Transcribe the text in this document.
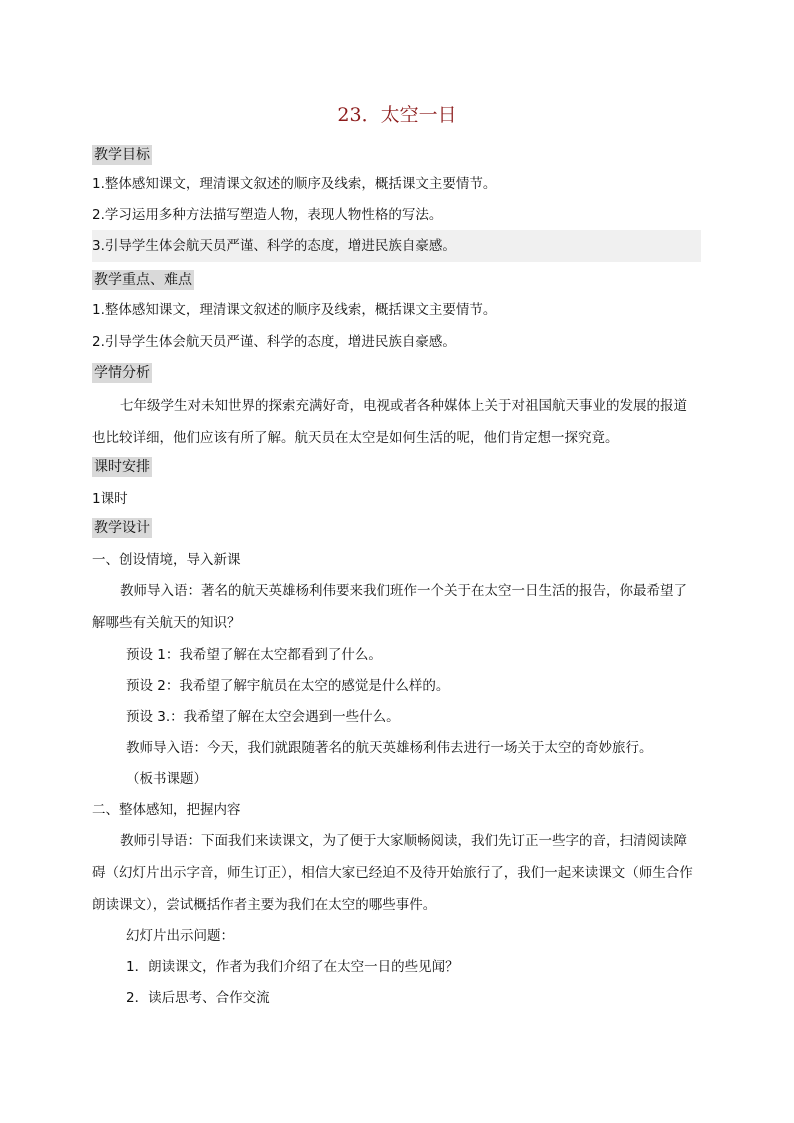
23．太空一日
教学目标
1.整体感知课文，理清课文叙述的顺序及线索，概括课文主要情节。
2.学习运用多种方法描写塑造人物，表现人物性格的写法。
3.引导学生体会航天员严谨、科学的态度，增进民族自豪感。
教学重点、难点
1.整体感知课文，理清课文叙述的顺序及线索，概括课文主要情节。
2.引导学生体会航天员严谨、科学的态度，增进民族自豪感。
学情分析
七年级学生对未知世界的探索充满好奇，电视或者各种媒体上关于对祖国航天事业的发展的报道也比较详细，他们应该有所了解。航天员在太空是如何生活的呢，他们肯定想一探究竟。
课时安排
1课时
教学设计
一、创设情境，导入新课
教师导入语：著名的航天英雄杨利伟要来我们班作一个关于在太空一日生活的报告，你最希望了解哪些有关航天的知识？
预设 1：我希望了解在太空都看到了什么。
预设 2：我希望了解宇航员在太空的感觉是什么样的。
预设 3.：我希望了解在太空会遇到一些什么。
教师导入语：今天，我们就跟随著名的航天英雄杨利伟去进行一场关于太空的奇妙旅行。
（板书课题）
二、整体感知，把握内容
教师引导语：下面我们来读课文，为了便于大家顺畅阅读，我们先订正一些字的音，扫清阅读障碍（幻灯片出示字音，师生订正），相信大家已经迫不及待开始旅行了，我们一起来读课文（师生合作朗读课文），尝试概括作者主要为我们在太空的哪些事件。
幻灯片出示问题：
1．朗读课文，作者为我们介绍了在太空一日的些见闻？
2．读后思考、合作交流
